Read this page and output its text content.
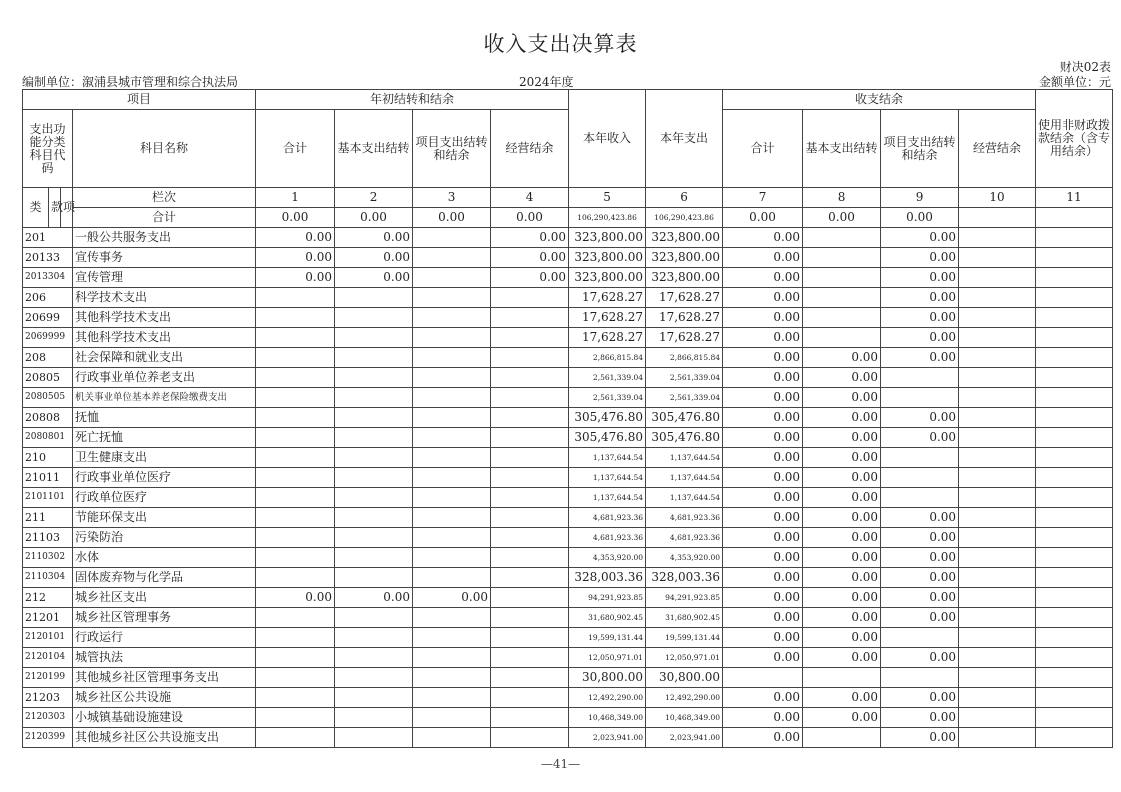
收入支出决算表
财决02表
编制单位：溆浦县城市管理和综合执法局	2024年度	金额单位：元
项目				年初结转和结余				本年收入	本年支出	收支结余				使用非财政拨款结余（含专用结余）
支出功能分类科目代码			科目名称	合计	基本支出结转	项目支出结转和结余	经营结余			合计	基本支出结转	项目支出结转和结余	经营结余	
类	款	项	栏次	1	2	3	4	5	6	7	8	9	10	11
			合计	0.00	0.00	0.00	0.00	106,290,423.86	106,290,423.86	0.00	0.00	0.00		
201			一般公共服务支出	0.00	0.00		0.00	323,800.00	323,800.00	0.00		0.00		
20133			宣传事务	0.00	0.00		0.00	323,800.00	323,800.00	0.00		0.00		
2013304			宣传管理	0.00	0.00		0.00	323,800.00	323,800.00	0.00		0.00		
206			科学技术支出					17,628.27	17,628.27	0.00		0.00		
20699			其他科学技术支出					17,628.27	17,628.27	0.00		0.00		
2069999			其他科学技术支出					17,628.27	17,628.27	0.00		0.00		
208			社会保障和就业支出					2,866,815.84	2,866,815.84	0.00	0.00	0.00		
20805			行政事业单位养老支出					2,561,339.04	2,561,339.04	0.00	0.00			
2080505			机关事业单位基本养老保险缴费支出					2,561,339.04	2,561,339.04	0.00	0.00			
20808			抚恤					305,476.80	305,476.80	0.00	0.00	0.00		
2080801			死亡抚恤					305,476.80	305,476.80	0.00	0.00	0.00		
210			卫生健康支出					1,137,644.54	1,137,644.54	0.00	0.00			
21011			行政事业单位医疗					1,137,644.54	1,137,644.54	0.00	0.00			
2101101			行政单位医疗					1,137,644.54	1,137,644.54	0.00	0.00			
211			节能环保支出					4,681,923.36	4,681,923.36	0.00	0.00	0.00		
21103			污染防治					4,681,923.36	4,681,923.36	0.00	0.00	0.00		
2110302			水体					4,353,920.00	4,353,920.00	0.00	0.00	0.00		
2110304			固体废弃物与化学品					328,003.36	328,003.36	0.00	0.00	0.00		
212			城乡社区支出	0.00	0.00	0.00		94,291,923.85	94,291,923.85	0.00	0.00	0.00		
21201			城乡社区管理事务					31,680,902.45	31,680,902.45	0.00	0.00	0.00		
2120101			行政运行					19,599,131.44	19,599,131.44	0.00	0.00			
2120104			城管执法					12,050,971.01	12,050,971.01	0.00	0.00	0.00		
2120199			其他城乡社区管理事务支出					30,800.00	30,800.00					
21203			城乡社区公共设施					12,492,290.00	12,492,290.00	0.00	0.00	0.00		
2120303			小城镇基础设施建设					10,468,349.00	10,468,349.00	0.00	0.00	0.00		
2120399			其他城乡社区公共设施支出					2,023,941.00	2,023,941.00	0.00		0.00		
—41—
